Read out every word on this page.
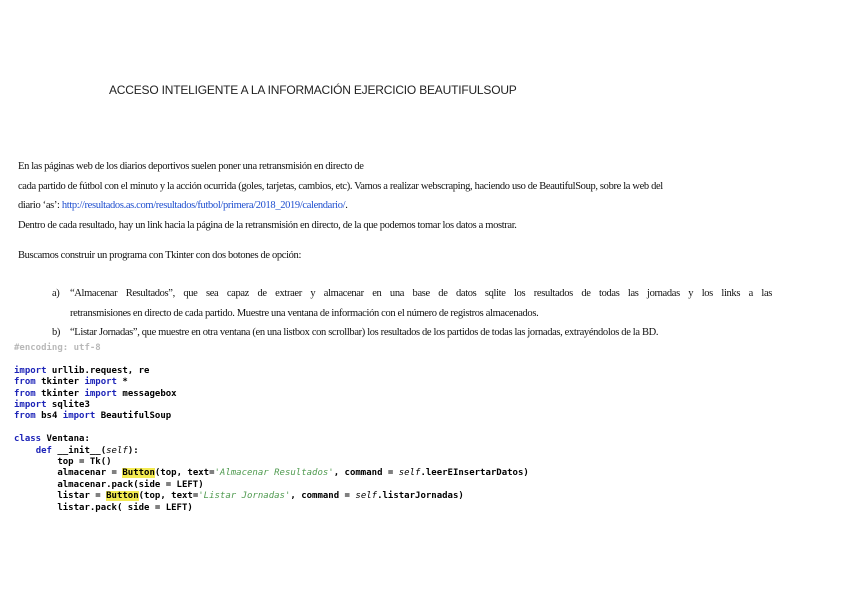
ACCESO INTELIGENTE A LA INFORMACIÓN EJERCICIO BEAUTIFULSOUP
En las páginas web de los diarios deportivos suelen poner una retransmisión en directo de
cada partido de fútbol con el minuto y la acción ocurrida (goles, tarjetas, cambios, etc). Vamos a realizar webscraping, haciendo uso de BeautifulSoup, sobre la web del
diario ‘as’: http://resultados.as.com/resultados/futbol/primera/2018_2019/calendario/.
Dentro de cada resultado, hay un link hacia la página de la retransmisión en directo, de la que podemos tomar los datos a mostrar.
Buscamos construir un programa con Tkinter con dos botones de opción:
a) “Almacenar Resultados”, que sea capaz de extraer y almacenar en una base de datos sqlite los resultados de todas las jornadas y los links a las
retransmisiones en directo de cada partido. Muestre una ventana de información con el número de registros almacenados.
b) “Listar Jornadas”, que muestre en otra ventana (en una listbox con scrollbar) los resultados de los partidos de todas las jornadas, extrayéndolos de la BD.
#encoding: utf-8

import urllib.request, re
from tkinter import *
from tkinter import messagebox
import sqlite3
from bs4 import BeautifulSoup

class Ventana:
def __init__(self):
top = Tk()
almacenar = Button(top, text='Almacenar Resultados', command = self.leerEInsertarDatos)
almacenar.pack(side = LEFT)
listar = Button(top, text='Listar Jornadas', command = self.listarJornadas)
listar.pack( side = LEFT)
